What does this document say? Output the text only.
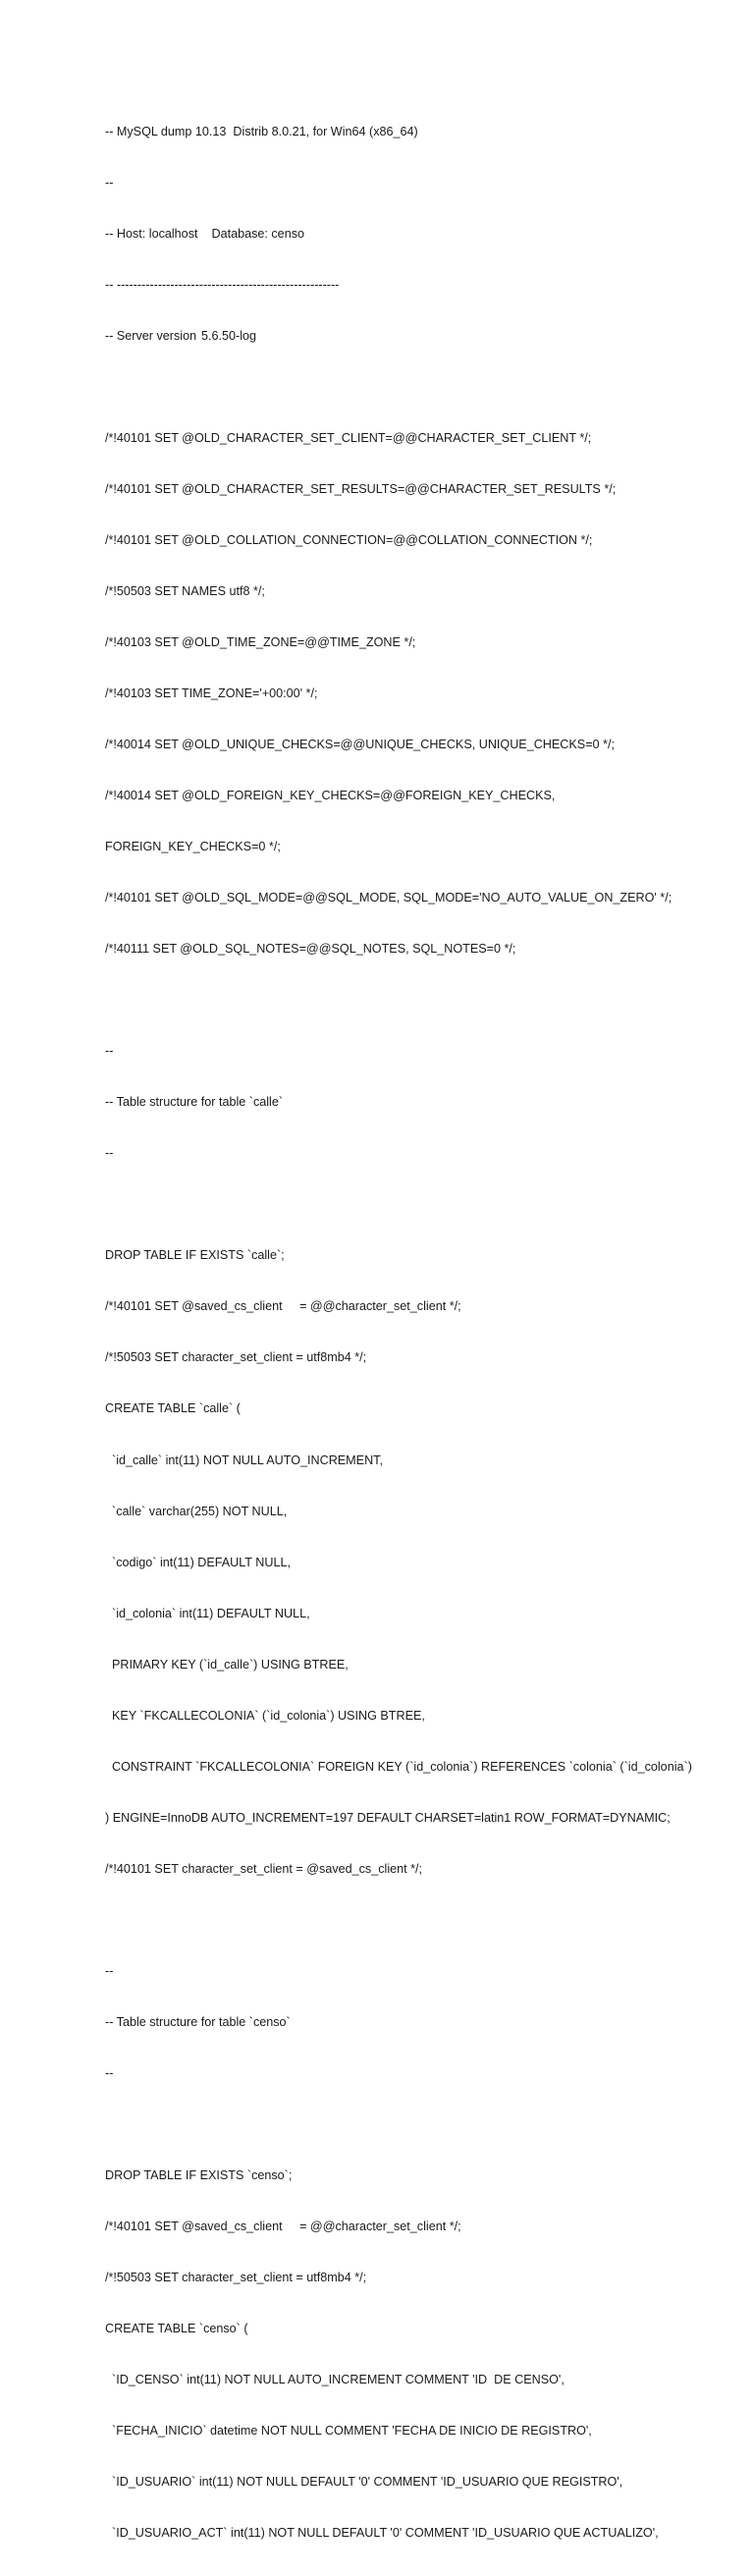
-- MySQL dump 10.13  Distrib 8.0.21, for Win64 (x86_64)

--

-- Host: localhost    Database: censo

-- ------------------------------------------------------

-- Server version	5.6.50-log

/*!40101 SET @OLD_CHARACTER_SET_CLIENT=@@CHARACTER_SET_CLIENT */;

/*!40101 SET @OLD_CHARACTER_SET_RESULTS=@@CHARACTER_SET_RESULTS */;

/*!40101 SET @OLD_COLLATION_CONNECTION=@@COLLATION_CONNECTION */;

/*!50503 SET NAMES utf8 */;

/*!40103 SET @OLD_TIME_ZONE=@@TIME_ZONE */;

/*!40103 SET TIME_ZONE='+00:00' */;

/*!40014 SET @OLD_UNIQUE_CHECKS=@@UNIQUE_CHECKS, UNIQUE_CHECKS=0 */;

/*!40014 SET @OLD_FOREIGN_KEY_CHECKS=@@FOREIGN_KEY_CHECKS,

FOREIGN_KEY_CHECKS=0 */;

/*!40101 SET @OLD_SQL_MODE=@@SQL_MODE, SQL_MODE='NO_AUTO_VALUE_ON_ZERO' */;

/*!40111 SET @OLD_SQL_NOTES=@@SQL_NOTES, SQL_NOTES=0 */;

--

-- Table structure for table `calle`

--

DROP TABLE IF EXISTS `calle`;

/*!40101 SET @saved_cs_client     = @@character_set_client */;

/*!50503 SET character_set_client = utf8mb4 */;

CREATE TABLE `calle` (

`id_calle` int(11) NOT NULL AUTO_INCREMENT,

`calle` varchar(255) NOT NULL,

`codigo` int(11) DEFAULT NULL,

`id_colonia` int(11) DEFAULT NULL,

PRIMARY KEY (`id_calle`) USING BTREE,

KEY `FKCALLECOLONIA` (`id_colonia`) USING BTREE,

CONSTRAINT `FKCALLECOLONIA` FOREIGN KEY (`id_colonia`) REFERENCES `colonia` (`id_colonia`)

) ENGINE=InnoDB AUTO_INCREMENT=197 DEFAULT CHARSET=latin1 ROW_FORMAT=DYNAMIC;

/*!40101 SET character_set_client = @saved_cs_client */;

--

-- Table structure for table `censo`

--

DROP TABLE IF EXISTS `censo`;

/*!40101 SET @saved_cs_client     = @@character_set_client */;

/*!50503 SET character_set_client = utf8mb4 */;

CREATE TABLE `censo` (

`ID_CENSO` int(11) NOT NULL AUTO_INCREMENT COMMENT 'ID  DE CENSO',

`FECHA_INICIO` datetime NOT NULL COMMENT 'FECHA DE INICIO DE REGISTRO',

`ID_USUARIO` int(11) NOT NULL DEFAULT '0' COMMENT 'ID_USUARIO QUE REGISTRO',

`ID_USUARIO_ACT` int(11) NOT NULL DEFAULT '0' COMMENT 'ID_USUARIO QUE ACTUALIZO',
